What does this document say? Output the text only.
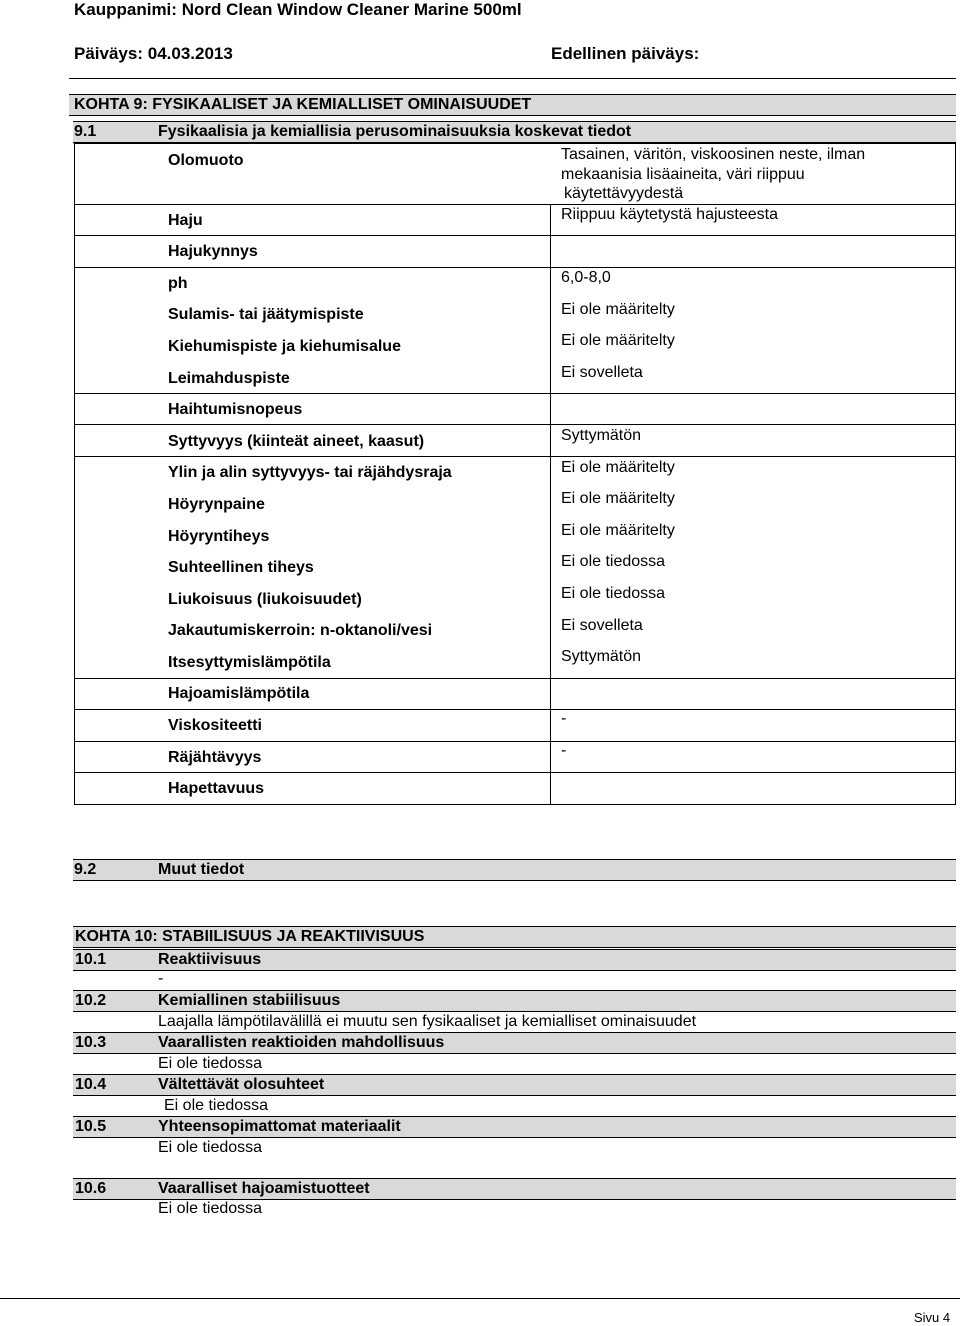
Kauppanimi: Nord Clean Window Cleaner Marine 500ml
Päiväys: 04.03.2013	Edellinen päiväys:
KOHTA 9: FYSIKAALISET JA KEMIALLISET OMINAISUUDET
9.1	Fysikaalisia ja kemiallisia perusominaisuuksia koskevat tiedot
Olomuoto	Tasainen, väritön, viskoosinen neste, ilman
mekaanisia lisäaineita, väri riippuu
käytettävyydestä
Haju	Riippuu käytetystä hajusteesta
Hajukynnys
ph	6,0-8,0
Sulamis- tai jäätymispiste	Ei ole määritelty
Kiehumispiste ja kiehumisalue	Ei ole määritelty
Leimahduspiste	Ei sovelleta
Haihtumisnopeus
Syttyvyys (kiinteät aineet, kaasut)	Syttymätön
Ylin ja alin syttyvyys- tai räjähdysraja	Ei ole määritelty
Höyrynpaine	Ei ole määritelty
Höyryntiheys	Ei ole määritelty
Suhteellinen tiheys	Ei ole tiedossa
Liukoisuus (liukoisuudet)	Ei ole tiedossa
Jakautumiskerroin: n-oktanoli/vesi	Ei sovelleta
Itsesyttymislämpötila	Syttymätön
Hajoamislämpötila
Viskositeetti	-
Räjähtävyys	-
Hapettavuus
9.2	Muut tiedot
KOHTA 10: STABIILISUUS JA REAKTIIVISUUS
10.1	Reaktiivisuus
-
10.2	Kemiallinen stabiilisuus
Laajalla lämpötilavälillä ei muutu sen fysikaaliset ja kemialliset ominaisuudet
10.3	Vaarallisten reaktioiden mahdollisuus
Ei ole tiedossa
10.4	Vältettävät olosuhteet
Ei ole tiedossa
10.5	Yhteensopimattomat materiaalit
Ei ole tiedossa
10.6	Vaaralliset hajoamistuotteet
Ei ole tiedossa
Sivu 4
